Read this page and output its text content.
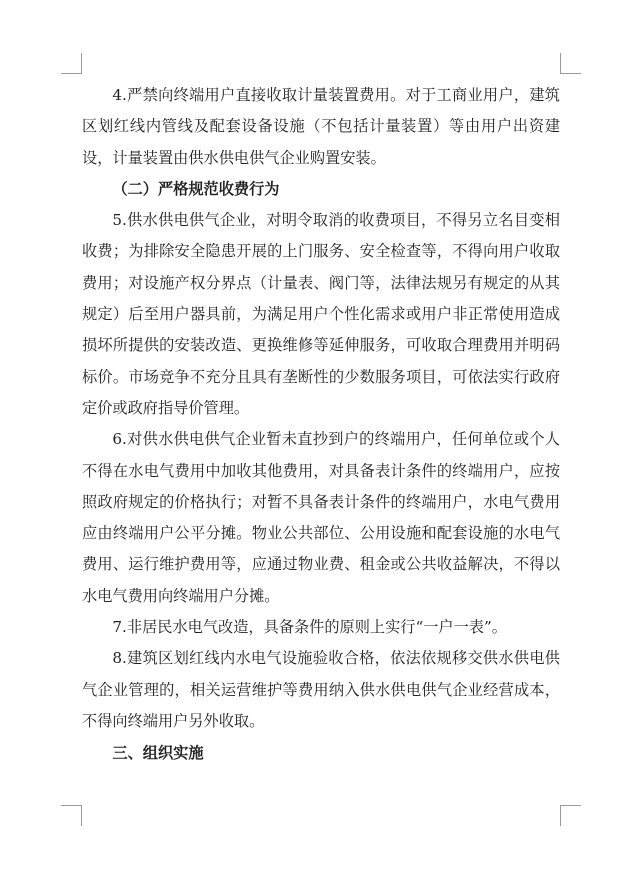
4.严禁向终端用户直接收取计量装置费用。对于工商业用户，建筑区划红线内管线及配套设备设施（不包括计量装置）等由用户出资建设，计量装置由供水供电供气企业购置安装。

（二）严格规范收费行为

5.供水供电供气企业，对明令取消的收费项目，不得另立名目变相收费；为排除安全隐患开展的上门服务、安全检查等，不得向用户收取费用；对设施产权分界点（计量表、阀门等，法律法规另有规定的从其规定）后至用户器具前，为满足用户个性化需求或用户非正常使用造成损坏所提供的安装改造、更换维修等延伸服务，可收取合理费用并明码标价。市场竞争不充分且具有垄断性的少数服务项目，可依法实行政府定价或政府指导价管理。

6.对供水供电供气企业暂未直抄到户的终端用户，任何单位或个人不得在水电气费用中加收其他费用，对具备表计条件的终端用户，应按照政府规定的价格执行；对暂不具备表计条件的终端用户，水电气费用应由终端用户公平分摊。物业公共部位、公用设施和配套设施的水电气费用、运行维护费用等，应通过物业费、租金或公共收益解决，不得以水电气费用向终端用户分摊。

7.非居民水电气改造，具备条件的原则上实行“一户一表”。

8.建筑区划红线内水电气设施验收合格，依法依规移交供水供电供气企业管理的，相关运营维护等费用纳入供水供电供气企业经营成本，不得向终端用户另外收取。

三、组织实施
